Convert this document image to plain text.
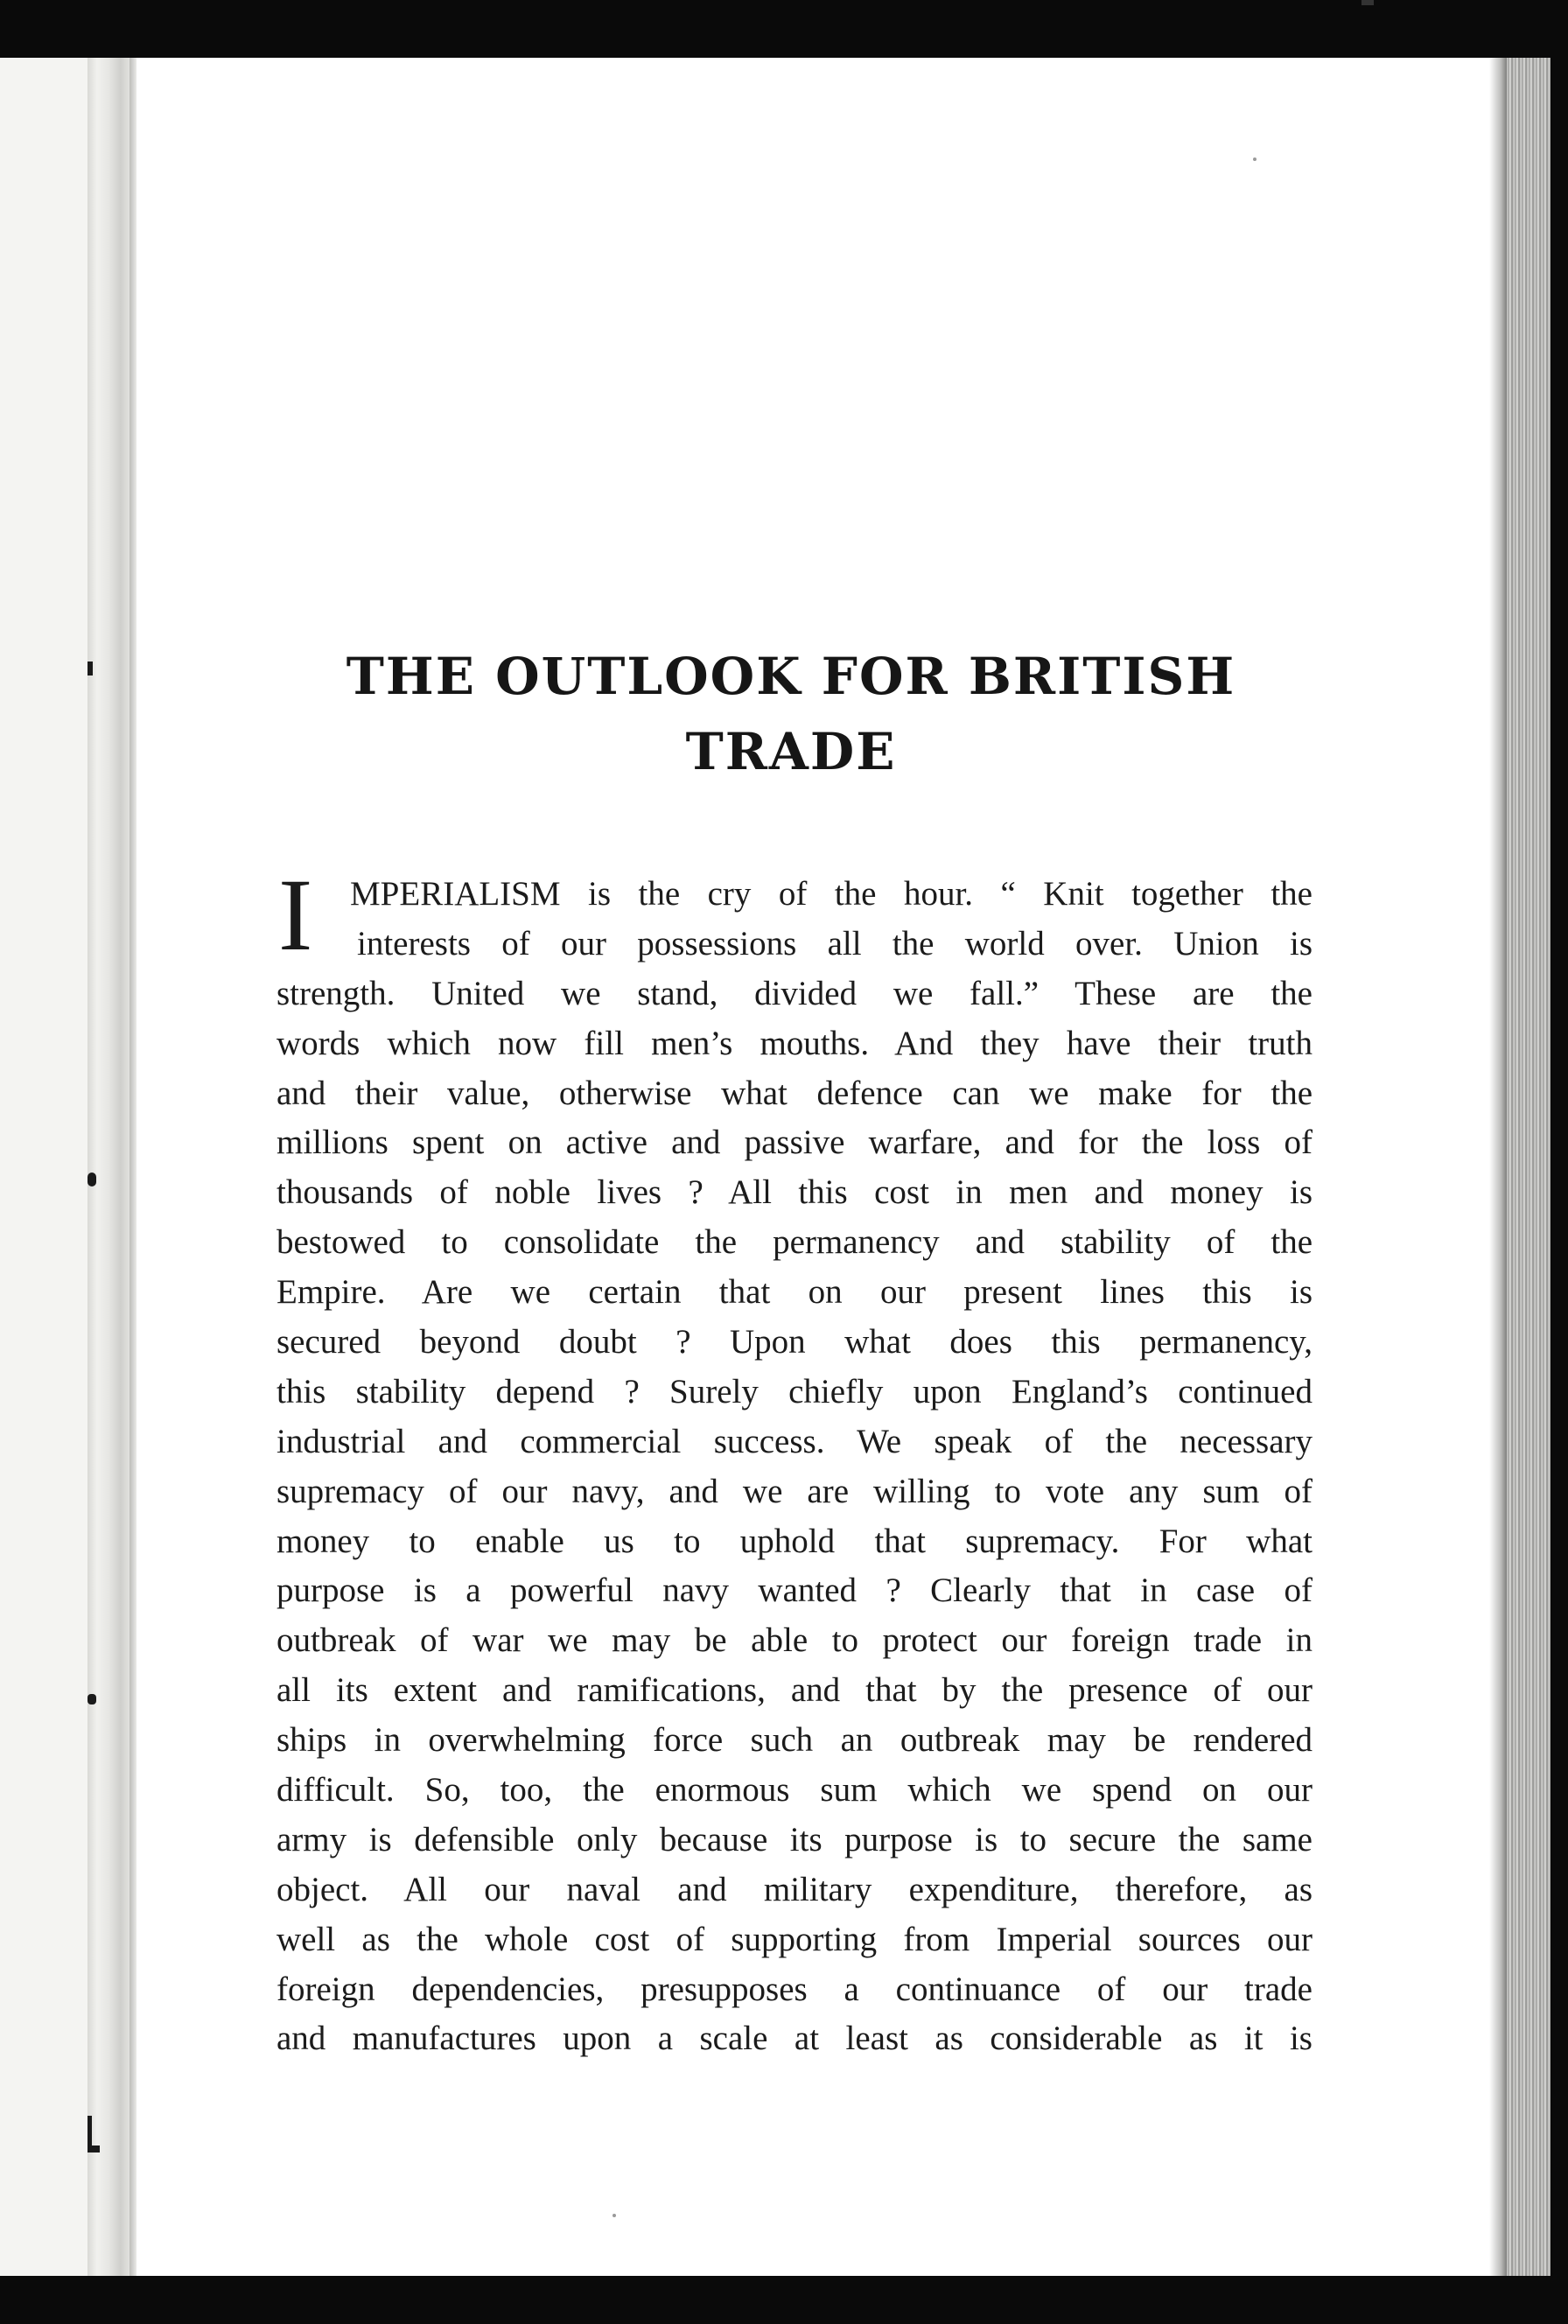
THE OUTLOOK FOR BRITISH
TRADE
I MPERIALISM is the cry of the hour. “ Knit together the
interests of our possessions all the world over. Union is
strength. United we stand, divided we fall.” These are the
words which now fill men’s mouths. And they have their truth
and their value, otherwise what defence can we make for the
millions spent on active and passive warfare, and for the loss of
thousands of noble lives ? All this cost in men and money is
bestowed to consolidate the permanency and stability of the
Empire. Are we certain that on our present lines this is
secured beyond doubt ? Upon what does this permanency,
this stability depend ? Surely chiefly upon England’s continued
industrial and commercial success. We speak of the necessary
supremacy of our navy, and we are willing to vote any sum of
money to enable us to uphold that supremacy. For what
purpose is a powerful navy wanted ? Clearly that in case of
outbreak of war we may be able to protect our foreign trade in
all its extent and ramifications, and that by the presence of our
ships in overwhelming force such an outbreak may be rendered
difficult. So, too, the enormous sum which we spend on our
army is defensible only because its purpose is to secure the same
object. All our naval and military expenditure, therefore, as
well as the whole cost of supporting from Imperial sources our
foreign dependencies, presupposes a continuance of our trade
and manufactures upon a scale at least as considerable as it is
